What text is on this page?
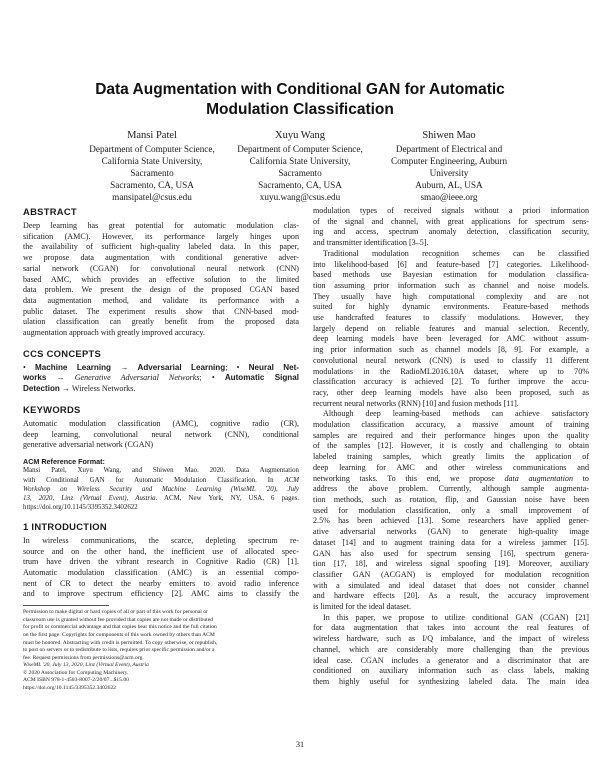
Data Augmentation with Conditional GAN for Automatic
Modulation Classification
Mansi Patel
Department of Computer Science,
California State University,
Sacramento
Sacramento, CA, USA
mansipatel@csus.edu
Xuyu Wang
Department of Computer Science,
California State University,
Sacramento
Sacramento, CA, USA
xuyu.wang@csus.edu
Shiwen Mao
Department of Electrical and
Computer Engineering, Auburn
University
Auburn, AL, USA
smao@ieee.org
ABSTRACT
Deep learning has great potential for automatic modulation clas-
sification (AMC). However, its performance largely hinges upon
the availability of sufficient high-quality labeled data. In this paper,
we propose data augmentation with conditional generative adver-
sarial network (CGAN) for convolutional neural network (CNN)
based AMC, which provides an effective solution to the limited
data problem. We present the design of the proposed CGAN based
data augmentation method, and validate its performance with a
public dataset. The experiment results show that CNN-based mod-
ulation classification can greatly benefit from the proposed data
augmentation approach with greatly improved accuracy.
CCS CONCEPTS
• Machine Learning → Adversarial Learning; • Neural Net-
works → Generative Adversarial Networks; • Automatic Signal
Detection → Wireless Networks.
KEYWORDS
Automatic modulation classification (AMC), cognitive radio (CR),
deep learning, convolutional neural network (CNN), conditional
generative adversarial network (CGAN)
ACM Reference Format:
Mansi Patel, Xuyu Wang, and Shiwen Mao. 2020. Data Augmentation
with Conditional GAN for Automatic Modulation Classification. In ACM
Workshop on Wireless Security and Machine Learning (WiseML '20), July
13, 2020, Linz (Virtual Event), Austria. ACM, New York, NY, USA, 6 pages.
https://doi.org/10.1145/3395352.3402622
1 INTRODUCTION
In wireless communications, the scarce, depleting spectrum re-
source and on the other hand, the inefficient use of allocated spec-
trum have driven the vibrant research in Cognitive Radio (CR) [1].
Automatic modulation classification (AMC) is an essential compo-
nent of CR to detect the nearby emitters to avoid radio inference
and to improve spectrum efficiency [2]. AMC aims to classify the
Permission to make digital or hard copies of all or part of this work for personal or
classroom use is granted without fee provided that copies are not made or distributed
for profit or commercial advantage and that copies bear this notice and the full citation
on the first page. Copyrights for components of this work owned by others than ACM
must be honored. Abstracting with credit is permitted. To copy otherwise, or republish,
to post on servers or to redistribute to lists, requires prior specific permission and/or a
fee. Request permissions from permissions@acm.org.
WiseML '20, July 13, 2020, Linz (Virtual Event), Austria
© 2020 Association for Computing Machinery.
ACM ISBN 978-1-4503-8007-2/20/07...$15.00
https://doi.org/10.1145/3395352.3402622
modulation types of received signals without a priori information
of the signal and channel, with great applications for spectrum sens-
ing and access, spectrum anomaly detection, classification security,
and transmitter identification [3–5].
Traditional modulation recognition schemes can be classified
into likelihood-based [6] and feature-based [7] categories. Likelihood-
based methods use Bayesian estimation for modulation classifica-
tion assuming prior information such as channel and noise models.
They usually have high computational complexity and are not
suited for highly dynamic environments. Feature-based methods
use handcrafted features to classify modulations. However, they
largely depend on reliable features and manual selection. Recently,
deep learning models have been leveraged for AMC without assum-
ing prior information such as channel models [8, 9]. For example, a
convolutional neural network (CNN) is used to classify 11 different
modulations in the RadioML2016.10A dataset, where up to 70%
classification accuracy is achieved [2]. To further improve the accu-
racy, other deep learning models have also been proposed, such as
recurrent neural networks (RNN) [10] and fusion methods [11].
Although deep learning-based methods can achieve satisfactory
modulation classification accuracy, a massive amount of training
samples are required and their performance hinges upon the quality
of the samples [12]. However, it is costly and challenging to obtain
labeled training samples, which greatly limits the application of
deep learning for AMC and other wireless communications and
networking tasks. To this end, we propose data augmentation to
address the above problem. Currently, although sample augmenta-
tion methods, such as rotation, flip, and Gaussian noise have been
used for modulation classification, only a small improvement of
2.5% has been achieved [13]. Some researchers have applied gener-
ative adversarial networks (GAN) to generate high-quality image
dataset [14] and to augment training data for a wireless jammer [15].
GAN has also used for spectrum sensing [16], spectrum genera-
tion [17, 18], and wireless signal spoofing [19]. Moreover, auxiliary
classifier GAN (ACGAN) is employed for modulation recognition
with a simulated and ideal dataset that does not consider channel
and hardware effects [20]. As a result, the accuracy improvement
is limited for the ideal dataset.
In this paper, we propose to utilize conditional GAN (CGAN) [21]
for data augmentation that takes into account the real features of
wireless hardware, such as I/Q imbalance, and the impact of wireless
channel, which are considerably more challenging than the previous
ideal case. CGAN includes a generator and a discriminator that are
conditioned on auxiliary information such as class labels, making
them highly useful for synthesizing labeled data. The main idea
31
